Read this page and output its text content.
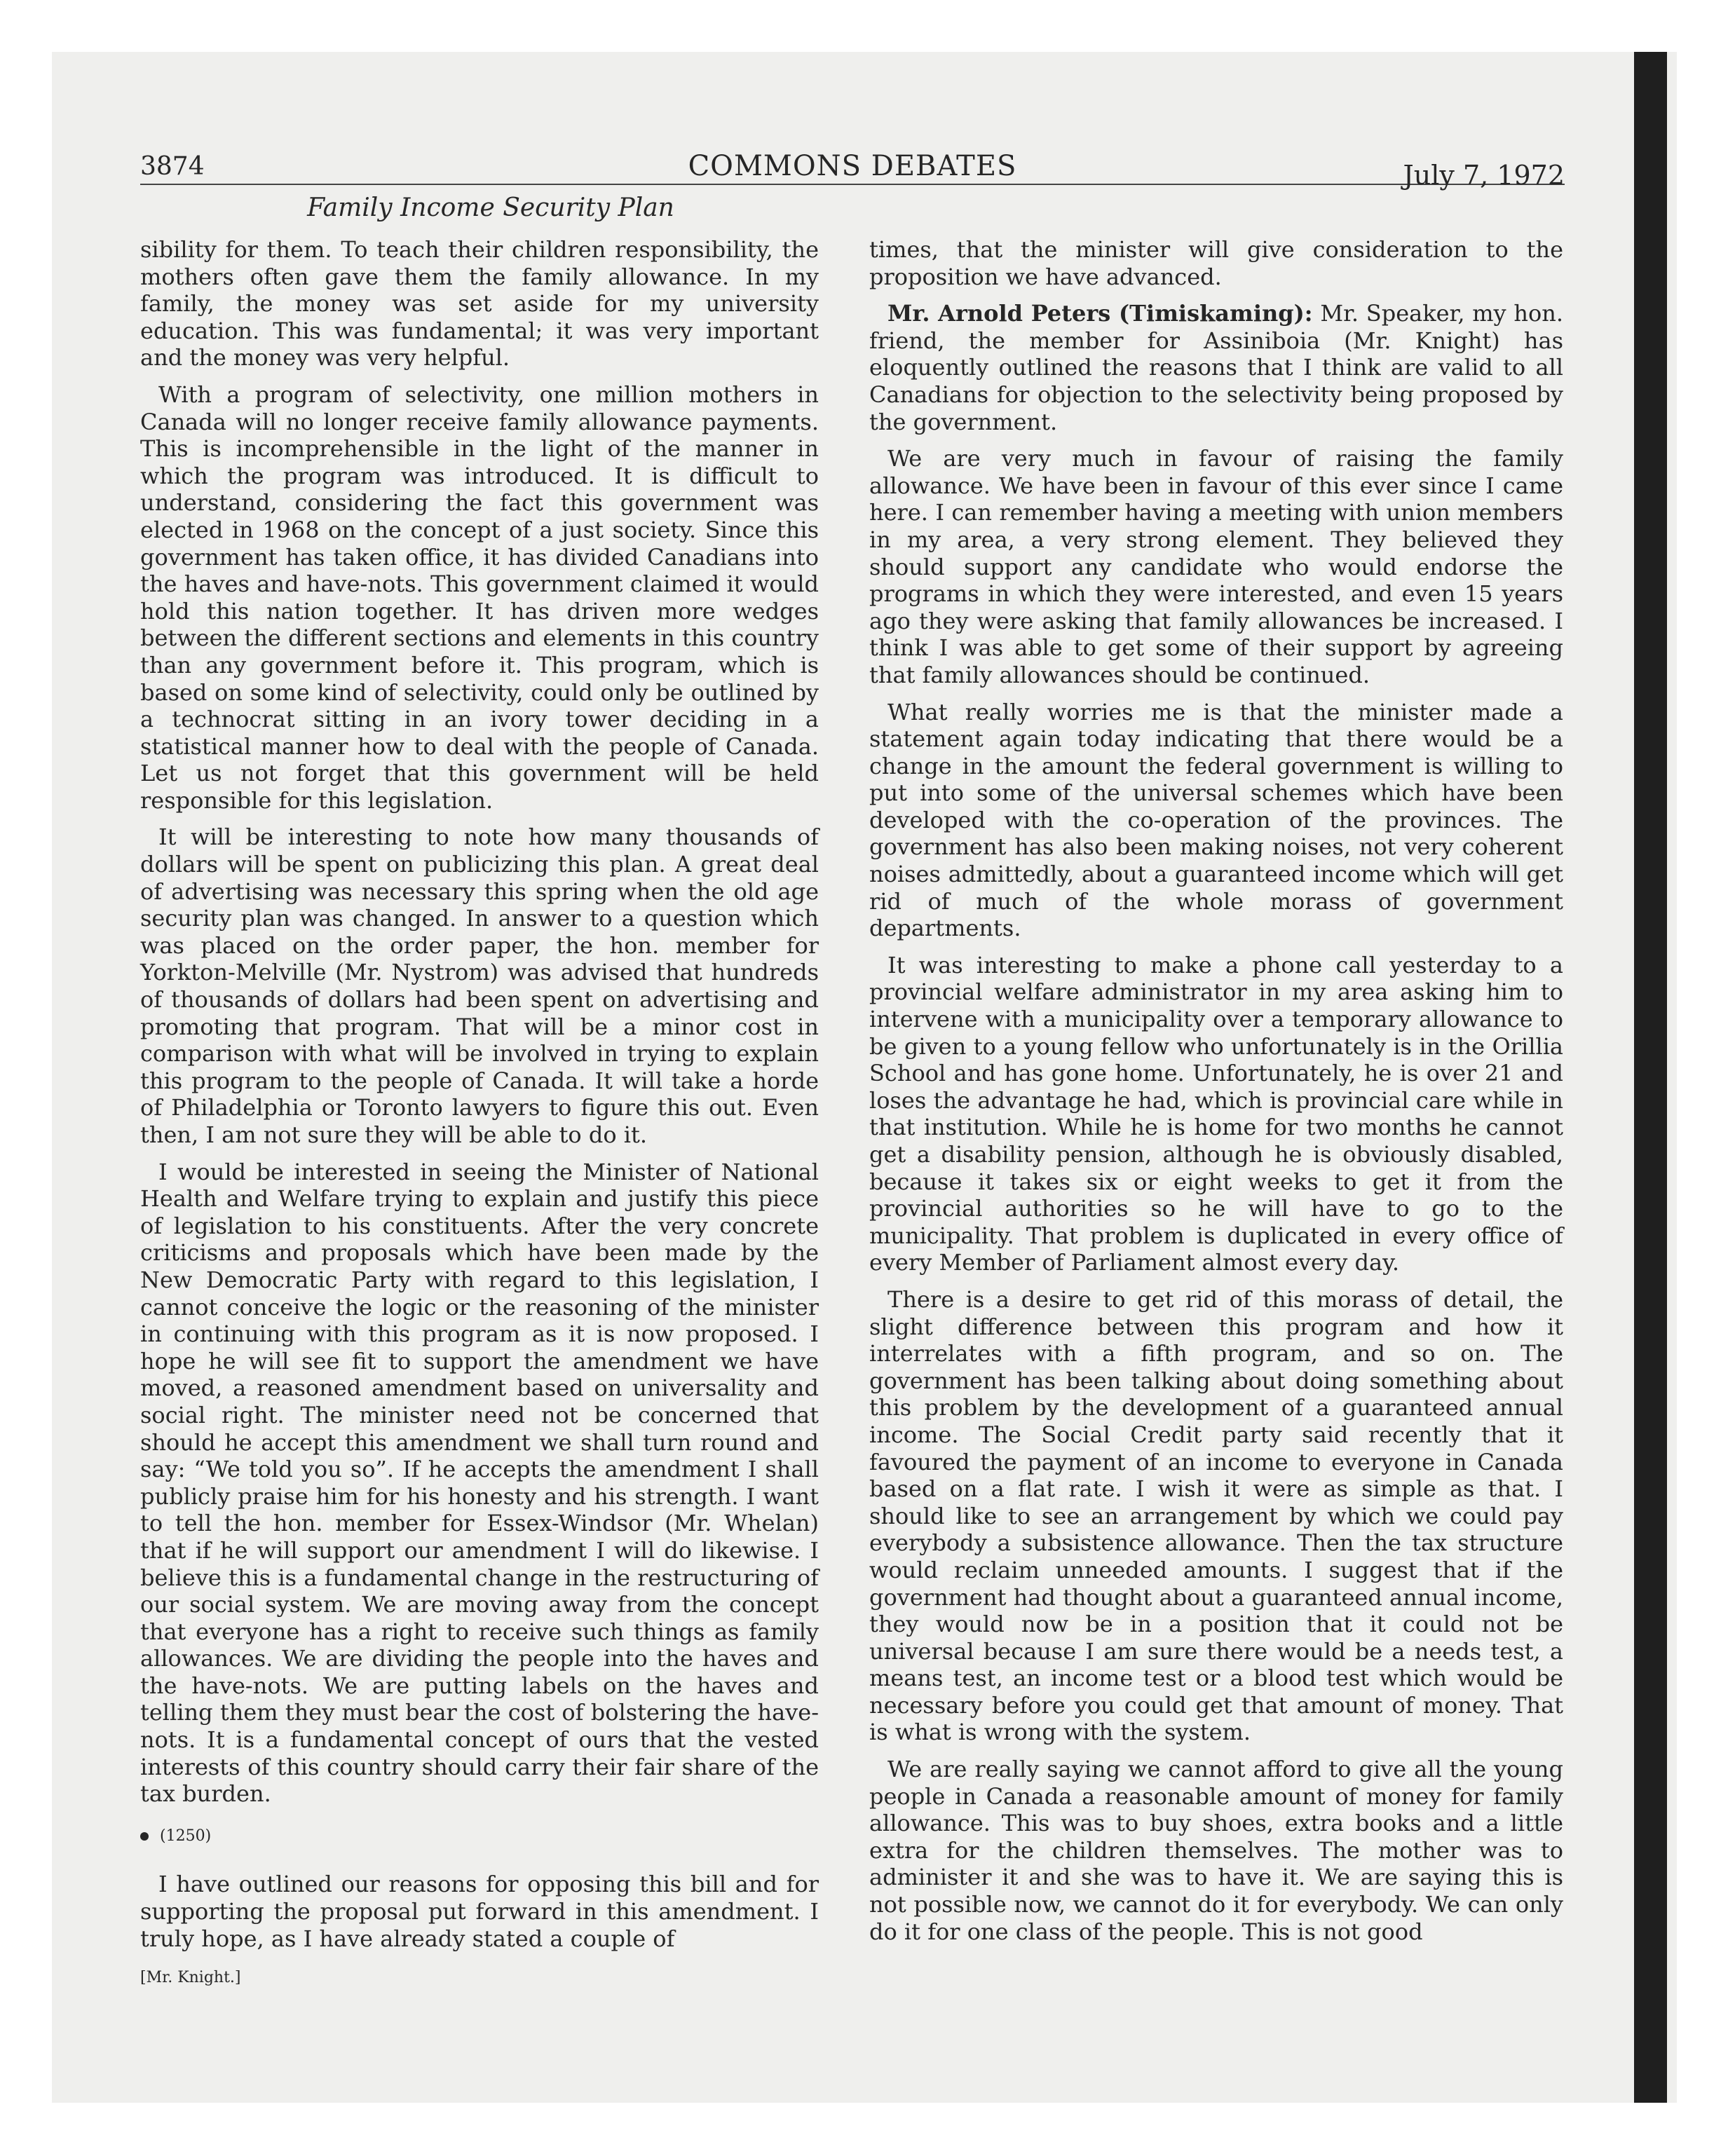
3874	COMMONS DEBATES	July 7, 1972
Family Income Security Plan

sibility for them. To teach their children responsibility, the mothers often gave them the family allowance. In my family, the money was set aside for my university education. This was fundamental; it was very important and the money was very helpful.

With a program of selectivity, one million mothers in Canada will no longer receive family allowance payments. This is incomprehensible in the light of the manner in which the program was introduced. It is difficult to understand, considering the fact this government was elected in 1968 on the concept of a just society. Since this government has taken office, it has divided Canadians into the haves and have-nots. This government claimed it would hold this nation together. It has driven more wedges between the different sections and elements in this country than any government before it. This program, which is based on some kind of selectivity, could only be outlined by a technocrat sitting in an ivory tower deciding in a statistical manner how to deal with the people of Canada. Let us not forget that this government will be held responsible for this legislation.

It will be interesting to note how many thousands of dollars will be spent on publicizing this plan. A great deal of advertising was necessary this spring when the old age security plan was changed. In answer to a question which was placed on the order paper, the hon. member for Yorkton-Melville (Mr. Nystrom) was advised that hundreds of thousands of dollars had been spent on advertising and promoting that program. That will be a minor cost in comparison with what will be involved in trying to explain this program to the people of Canada. It will take a horde of Philadelphia or Toronto lawyers to figure this out. Even then, I am not sure they will be able to do it.

I would be interested in seeing the Minister of National Health and Welfare trying to explain and justify this piece of legislation to his constituents. After the very concrete criticisms and proposals which have been made by the New Democratic Party with regard to this legislation, I cannot conceive the logic or the reasoning of the minister in continuing with this program as it is now proposed. I hope he will see fit to support the amendment we have moved, a reasoned amendment based on universality and social right. The minister need not be concerned that should he accept this amendment we shall turn round and say: “We told you so”. If he accepts the amendment I shall publicly praise him for his honesty and his strength. I want to tell the hon. member for Essex-Windsor (Mr. Whelan) that if he will support our amendment I will do likewise. I believe this is a fundamental change in the restructuring of our social system. We are moving away from the concept that everyone has a right to receive such things as family allowances. We are dividing the people into the haves and the have-nots. We are putting labels on the haves and telling them they must bear the cost of bolstering the have-nots. It is a fundamental concept of ours that the vested interests of this country should carry their fair share of the tax burden.

(1250)

I have outlined our reasons for opposing this bill and for supporting the proposal put forward in this amendment. I truly hope, as I have already stated a couple of

[Mr. Knight.]

times, that the minister will give consideration to the proposition we have advanced.

Mr. Arnold Peters (Timiskaming): Mr. Speaker, my hon. friend, the member for Assiniboia (Mr. Knight) has eloquently outlined the reasons that I think are valid to all Canadians for objection to the selectivity being proposed by the government.

We are very much in favour of raising the family allowance. We have been in favour of this ever since I came here. I can remember having a meeting with union members in my area, a very strong element. They believed they should support any candidate who would endorse the programs in which they were interested, and even 15 years ago they were asking that family allowances be increased. I think I was able to get some of their support by agreeing that family allowances should be continued.

What really worries me is that the minister made a statement again today indicating that there would be a change in the amount the federal government is willing to put into some of the universal schemes which have been developed with the co-operation of the provinces. The government has also been making noises, not very coherent noises admittedly, about a guaranteed income which will get rid of much of the whole morass of government departments.

It was interesting to make a phone call yesterday to a provincial welfare administrator in my area asking him to intervene with a municipality over a temporary allowance to be given to a young fellow who unfortunately is in the Orillia School and has gone home. Unfortunately, he is over 21 and loses the advantage he had, which is provincial care while in that institution. While he is home for two months he cannot get a disability pension, although he is obviously disabled, because it takes six or eight weeks to get it from the provincial authorities so he will have to go to the municipality. That problem is duplicated in every office of every Member of Parliament almost every day.

There is a desire to get rid of this morass of detail, the slight difference between this program and how it interrelates with a fifth program, and so on. The government has been talking about doing something about this problem by the development of a guaranteed annual income. The Social Credit party said recently that it favoured the payment of an income to everyone in Canada based on a flat rate. I wish it were as simple as that. I should like to see an arrangement by which we could pay everybody a subsistence allowance. Then the tax structure would reclaim unneeded amounts. I suggest that if the government had thought about a guaranteed annual income, they would now be in a position that it could not be universal because I am sure there would be a needs test, a means test, an income test or a blood test which would be necessary before you could get that amount of money. That is what is wrong with the system.

We are really saying we cannot afford to give all the young people in Canada a reasonable amount of money for family allowance. This was to buy shoes, extra books and a little extra for the children themselves. The mother was to administer it and she was to have it. We are saying this is not possible now, we cannot do it for everybody. We can only do it for one class of the people. This is not good
